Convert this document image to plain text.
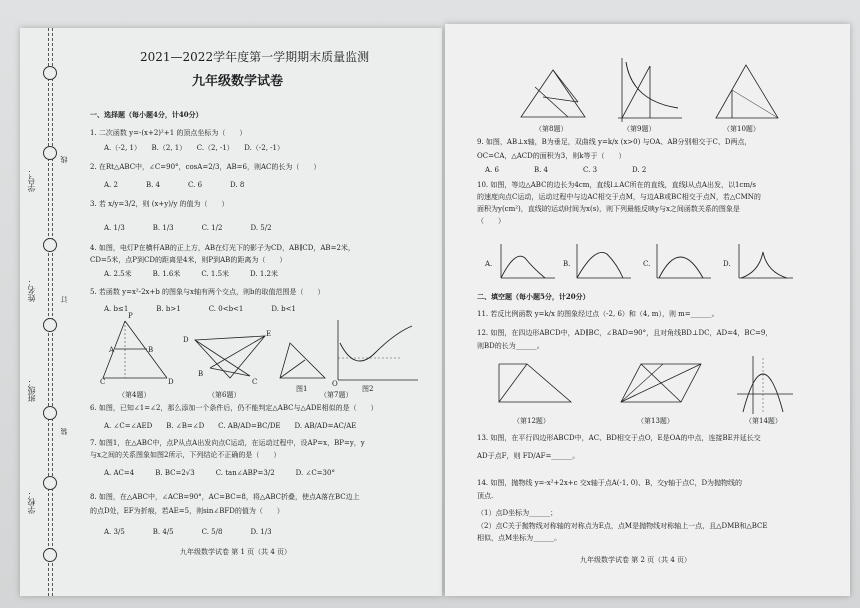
学号：
姓名：
班级：
学校：
线
订
装
2021—2022学年度第一学期期末质量监测
九年级数学试卷
一、选择题（每小题4分，计40分）
1. 二次函数 y=-(x+2)²+1 的顶点坐标为（　　）
A.（-2, 1）　　B.（2, 1）　　C.（2, -1）　　D.（-2, -1）
2. 在Rt△ABC中，∠C=90°，cosA=2/3，AB=6，则AC的长为（　　）
A. 2　　　　B. 4　　　　C. 6　　　　D. 8
3. 若 x/y=3/2，则 (x+y)/y 的值为（　　）
A. 1/3　　　　B. 1/3　　　　C. 1/2　　　　D. 5/2
4. 如图，电灯P在横杆AB的正上方，AB在灯光下的影子为CD，AB∥CD，AB=2米，
CD=5米，点P到CD的距离是4米，则P到AB的距离为（　　）
A. 2.5米　　　B. 1.6米　　　C. 1.5米　　　D. 1.2米
5. 若函数 y=x²-2x+b 的图象与x轴有两个交点，则b的取值范围是（　　）
A. b≤1　　　　B. b>1　　　　C. 0<b<1　　　　D. b<1
P
A	B
C	D
D
E
B
C
图1	图2
O
（第4题）	（第6题）	（第7题）
6. 如图，已知∠1=∠2，那么添加一个条件后，仍不能判定△ABC与△ADE相似的是（　　）
A. ∠C=∠AED　　B. ∠B=∠D　　C. AB/AD=BC/DE　　D. AB/AD=AC/AE
7. 如图1，在△ABC中，点P从点A出发向点C运动，在运动过程中，设AP=x，BP=y，y
与x之间的关系图象如图2所示，下列结论不正确的是（　　）
A. AC=4　　　B. BC=2√3　　　C. tan∠ABP=3/2　　　D. ∠C=30°
8. 如图，在△ABC中，∠ACB=90°，AC=BC=8，将△ABC折叠，使点A落在BC边上
的点D处，EF为折痕，若AE=5，则sin∠BFD的值为（　　）
A. 3/5　　　　B. 4/5　　　　C. 5/8　　　　D. 1/3
九年级数学试卷 第 1 页（共 4 页）
（第8题）	（第9题）	（第10题）
9. 如图，AB⊥x轴，B为垂足，双曲线 y=k/x (x>0) 与OA、AB分别相交于C、D两点，
OC=CA，△ACD的面积为3，则k等于（　　）
A. 6　　　　　B. 4　　　　　C. 3　　　　　D. 2
10. 如图，等边△ABC的边长为4cm，直线l⊥AC所在的直线，直线l从点A出发，以1cm/s
的速度向点C运动，运动过程中与边AC相交于点M，与边AB或BC相交于点N，若△CMN的
面积为y(cm²)，直线l的运动时间为x(s)，则下列最能反映y与x之间函数关系的图象是
（　　）
A.	B.	C.	D.
二、填空题（每小题5分，计20分）
11. 若反比例函数 y=k/x 的图象经过点（-2, 6）和（4, m），则 m=______。
12. 如图，在四边形ABCD中，AD∥BC，∠BAD=90°，且对角线BD⊥DC，AD=4，BC=9，
则BD的长为______。
（第12题）	（第13题）	（第14题）
13. 如图，在平行四边形ABCD中，AC、BD相交于点O，E是OA的中点，连接BE并延长交
AD于点F，则 FD/AF=______。
14. 如图，抛物线 y=-x²+2x+c 交x轴于点A(-1, 0)、B，交y轴于点C，D为抛物线的
顶点.
（1）点D坐标为______；
（2）点C关于抛物线对称轴的对称点为E点，点M是抛物线对称轴上一点，且△DMB和△BCE
相似，点M坐标为______。
九年级数学试卷 第 2 页（共 4 页）
